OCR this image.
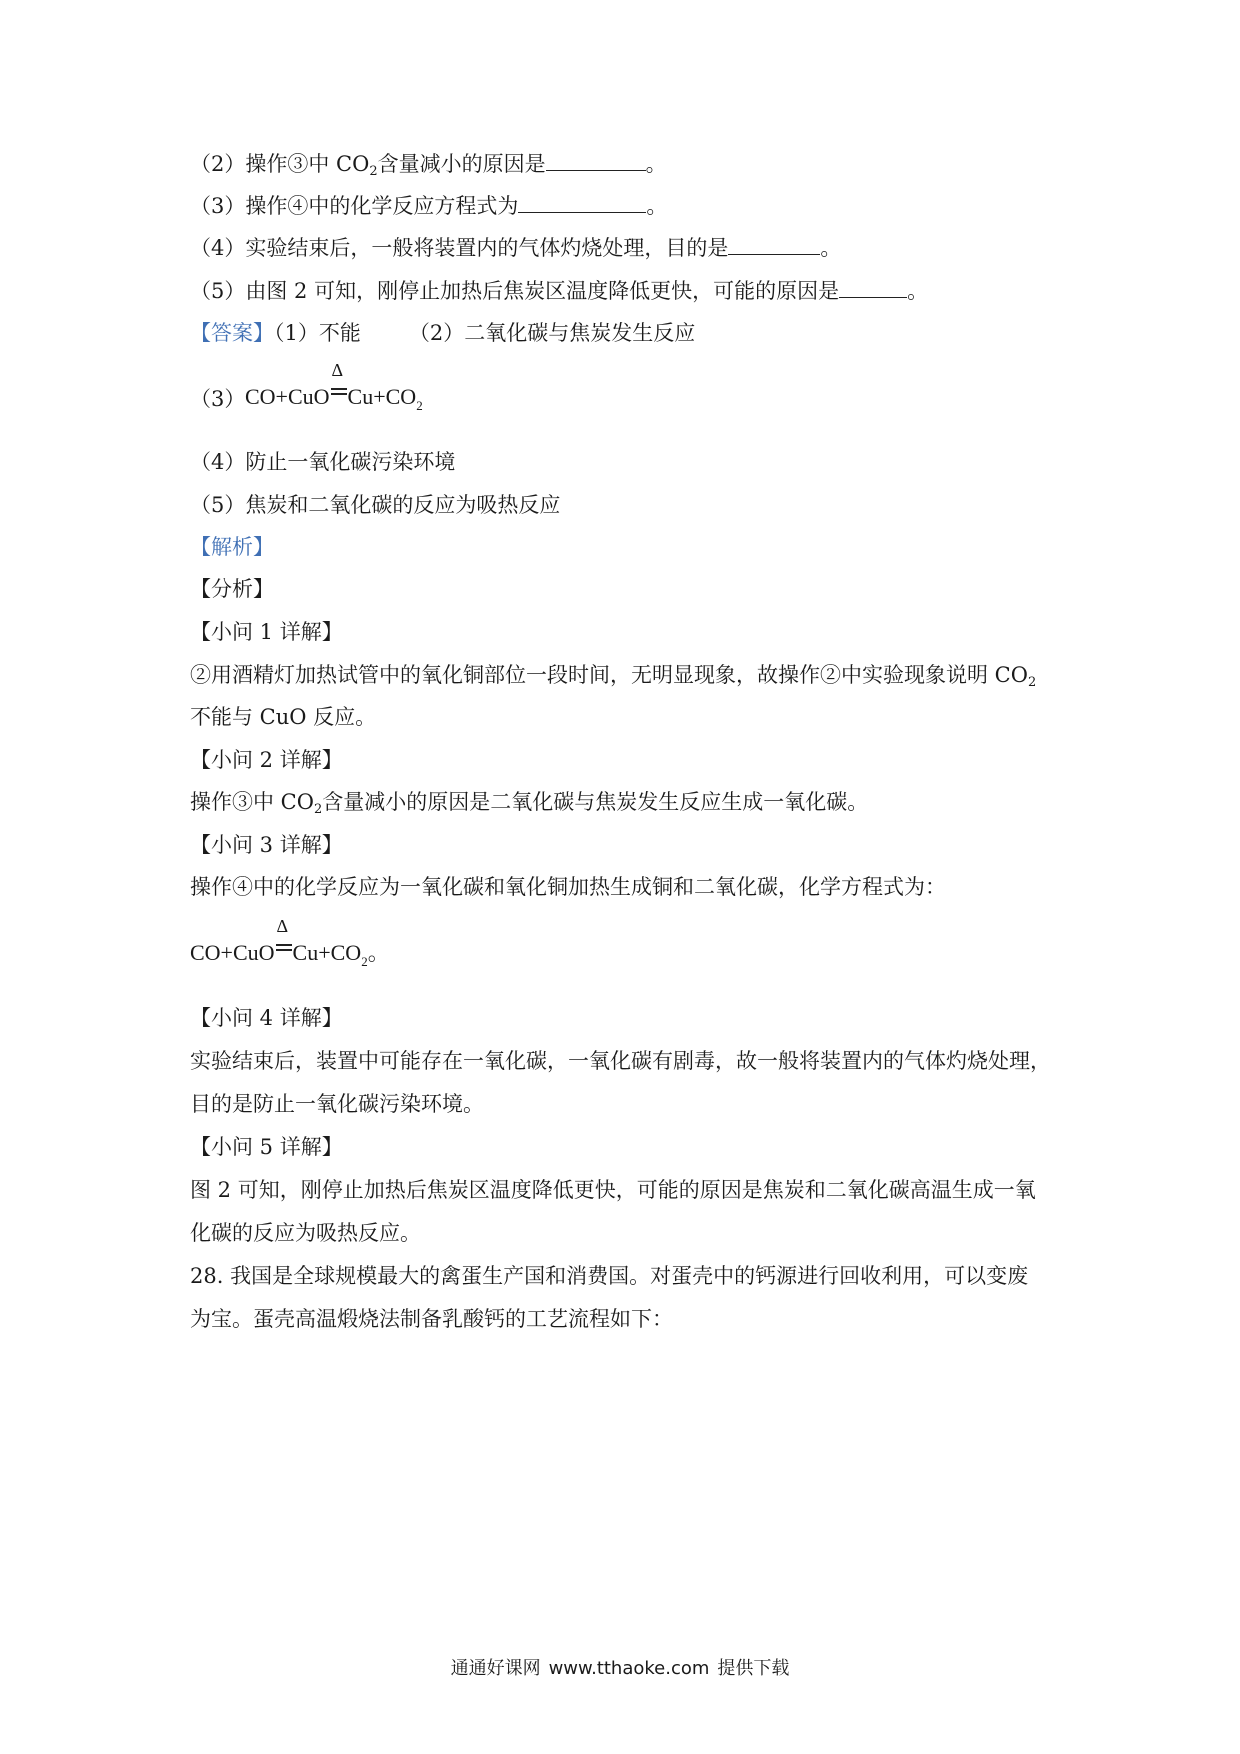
（2）操作③中 $CO_2$含量减小的原因是	。
（3）操作④中的化学反应方程式为	。
（4）实验结束后，一般将装置内的气体灼烧处理，目的是	。
（5）由图 2 可知，刚停止加热后焦炭区温度降低更快，可能的原因是	。
【答案】（1）不能 （2）二氧化碳与焦炭发生反应
（3） CO+CuO
Δ
$Cu+CO_2$
（4）防止一氧化碳污染环境
（5）焦炭和二氧化碳的反应为吸热反应
【解析】
【分析】
【小问 1 详解】
②用酒精灯加热试管中的氧化铜部位一段时间，无明显现象，故操作②中实验现象说明 $CO_2$
不能与 CuO 反应。
【小问 2 详解】
操作③中 $CO_2$含量减小的原因是二氧化碳与焦炭发生反应生成一氧化碳。
【小问 3 详解】
操作④中的化学反应为一氧化碳和氧化铜加热生成铜和二氧化碳，化学方程式为：
CO+CuO
Δ
$Cu+CO_2$。
【小问 4 详解】
实验结束后，装置中可能存在一氧化碳，一氧化碳有剧毒，故一般将装置内的气体灼烧处理，
目的是防止一氧化碳污染环境。
【小问 5 详解】
图 2 可知，刚停止加热后焦炭区温度降低更快，可能的原因是焦炭和二氧化碳高温生成一氧
化碳的反应为吸热反应。
28. 我国是全球规模最大的禽蛋生产国和消费国。对蛋壳中的钙源进行回收利用，可以变废
为宝。蛋壳高温煅烧法制备乳酸钙的工艺流程如下：
通通好课网 www.tthaoke.com 提供下载
